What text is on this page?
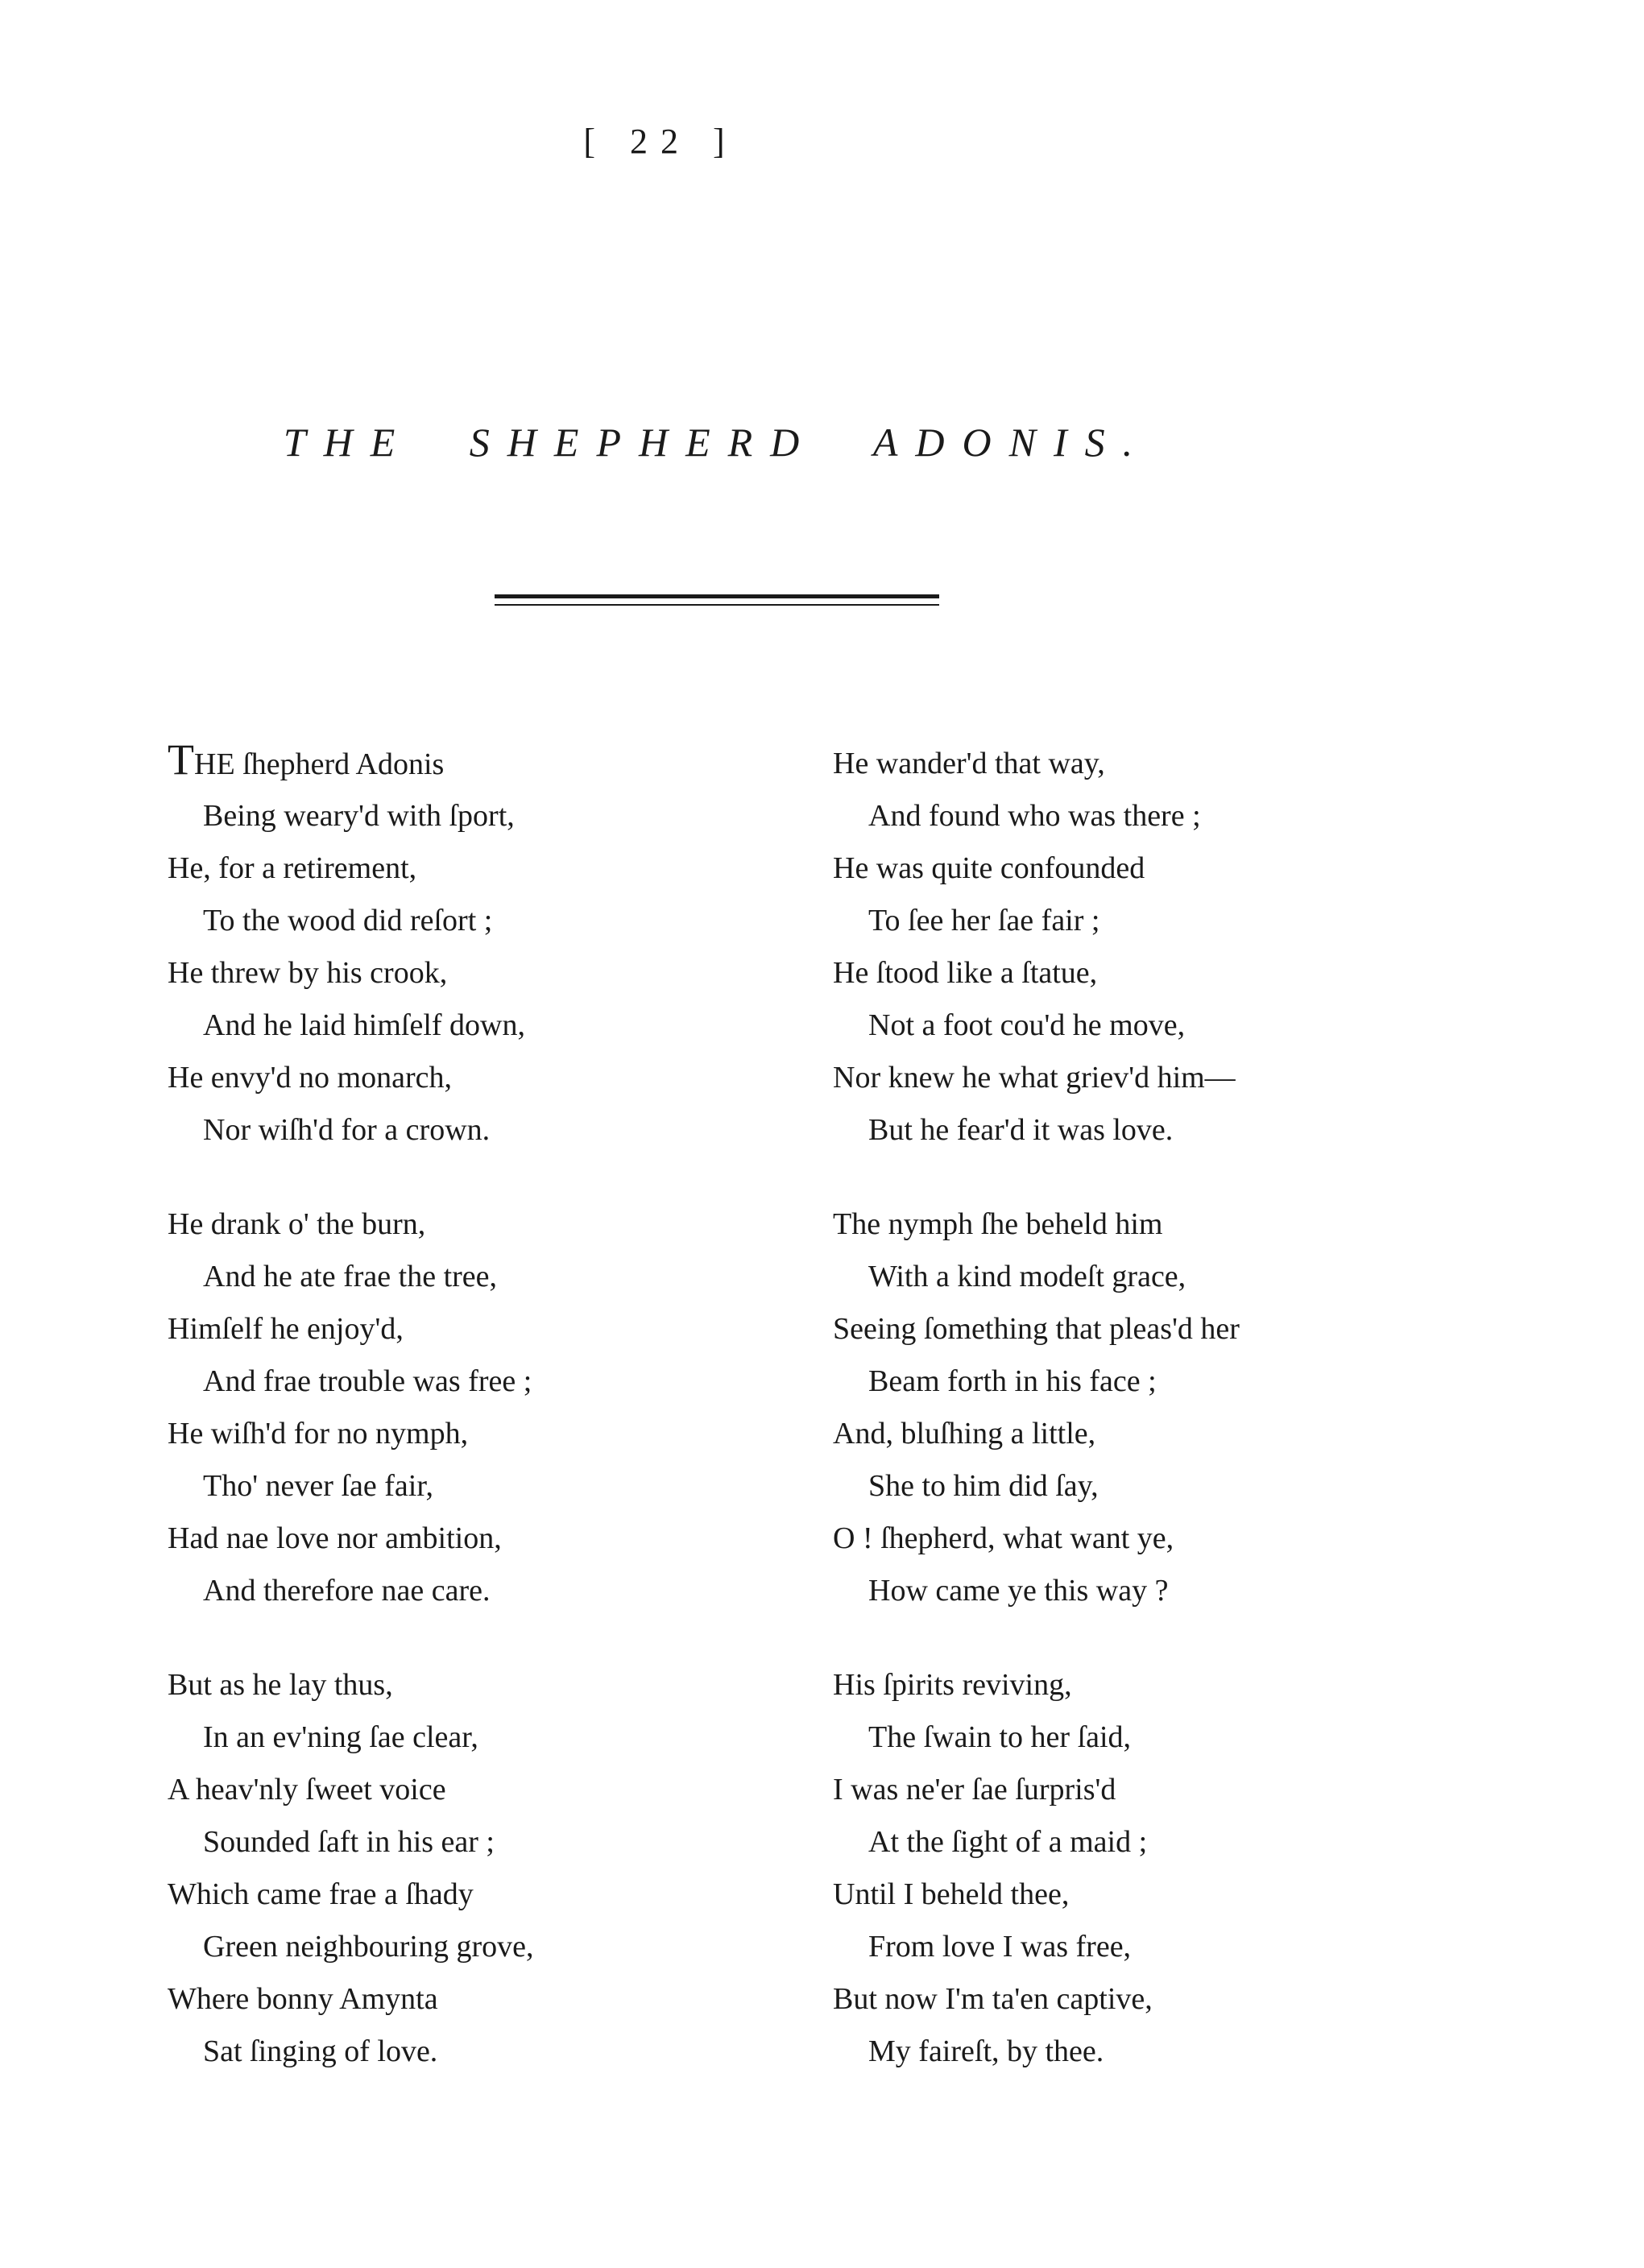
[ 22 ]
THE SHEPHERD ADONIS.
THE ſhepherd Adonis
Being weary'd with ſport,
He, for a retirement,
To the wood did reſort ;
He threw by his crook,
And he laid himſelf down,
He envy'd no monarch,
Nor wiſh'd for a crown.
He drank o' the burn,
And he ate frae the tree,
Himſelf he enjoy'd,
And frae trouble was free ;
He wiſh'd for no nymph,
Tho' never ſae fair,
Had nae love nor ambition,
And therefore nae care.
But as he lay thus,
In an ev'ning ſae clear,
A heav'nly ſweet voice
Sounded ſaft in his ear ;
Which came frae a ſhady
Green neighbouring grove,
Where bonny Amynta
Sat ſinging of love.
He wander'd that way,
And found who was there ;
He was quite confounded
To ſee her ſae fair ;
He ſtood like a ſtatue,
Not a foot cou'd he move,
Nor knew he what griev'd him—
But he fear'd it was love.
The nymph ſhe beheld him
With a kind modeſt grace,
Seeing ſomething that pleas'd her
Beam forth in his face ;
And, bluſhing a little,
She to him did ſay,
O ! ſhepherd, what want ye,
How came ye this way ?
His ſpirits reviving,
The ſwain to her ſaid,
I was ne'er ſae ſurpris'd
At the ſight of a maid ;
Until I beheld thee,
From love I was free,
But now I'm ta'en captive,
My faireſt, by thee.
